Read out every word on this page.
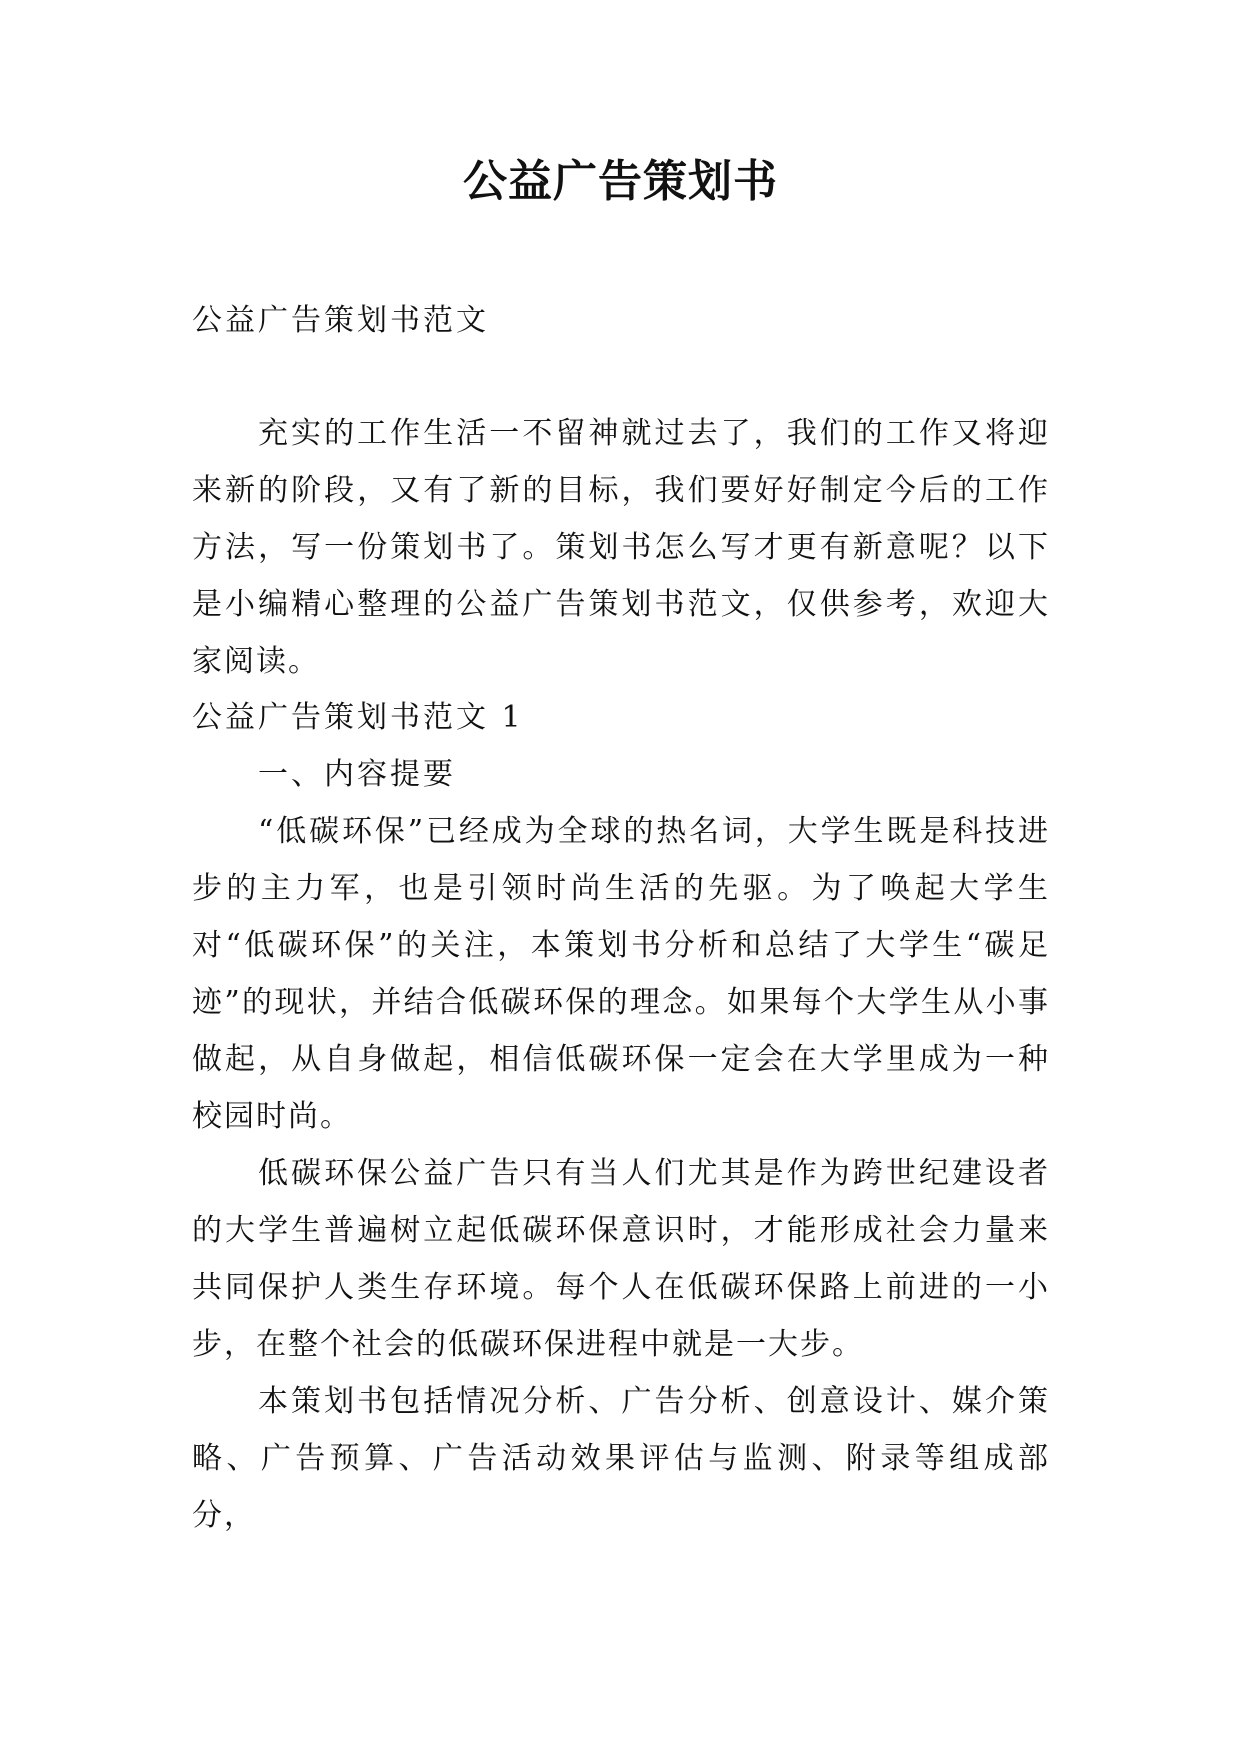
公益广告策划书
公益广告策划书范文

充实的工作生活一不留神就过去了，我们的工作又将迎来新的阶段，又有了新的目标，我们要好好制定今后的工作方法，写一份策划书了。策划书怎么写才更有新意呢？以下是小编精心整理的公益广告策划书范文，仅供参考，欢迎大家阅读。

公益广告策划书范文 1

一、内容提要

“低碳环保”已经成为全球的热名词，大学生既是科技进步的主力军，也是引领时尚生活的先驱。为了唤起大学生对“低碳环保”的关注，本策划书分析和总结了大学生“碳足迹”的现状，并结合低碳环保的理念。如果每个大学生从小事做起，从自身做起，相信低碳环保一定会在大学里成为一种校园时尚。

低碳环保公益广告只有当人们尤其是作为跨世纪建设者的大学生普遍树立起低碳环保意识时，才能形成社会力量来共同保护人类生存环境。每个人在低碳环保路上前进的一小步，在整个社会的低碳环保进程中就是一大步。

本策划书包括情况分析、广告分析、创意设计、媒介策略、广告预算、广告活动效果评估与监测、附录等组成部分，
